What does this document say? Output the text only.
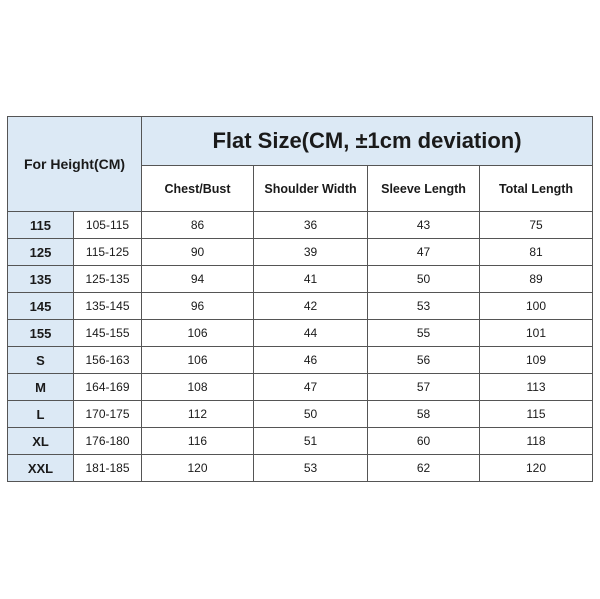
For Height(CM)		Flat Size(CM, ±1cm deviation)			
		Chest/Bust	Shoulder Width	Sleeve Length	Total Length
115	105-115	86	36	43	75
125	115-125	90	39	47	81
135	125-135	94	41	50	89
145	135-145	96	42	53	100
155	145-155	106	44	55	101
S	156-163	106	46	56	109
M	164-169	108	47	57	113
L	170-175	112	50	58	115
XL	176-180	116	51	60	118
XXL	181-185	120	53	62	120
